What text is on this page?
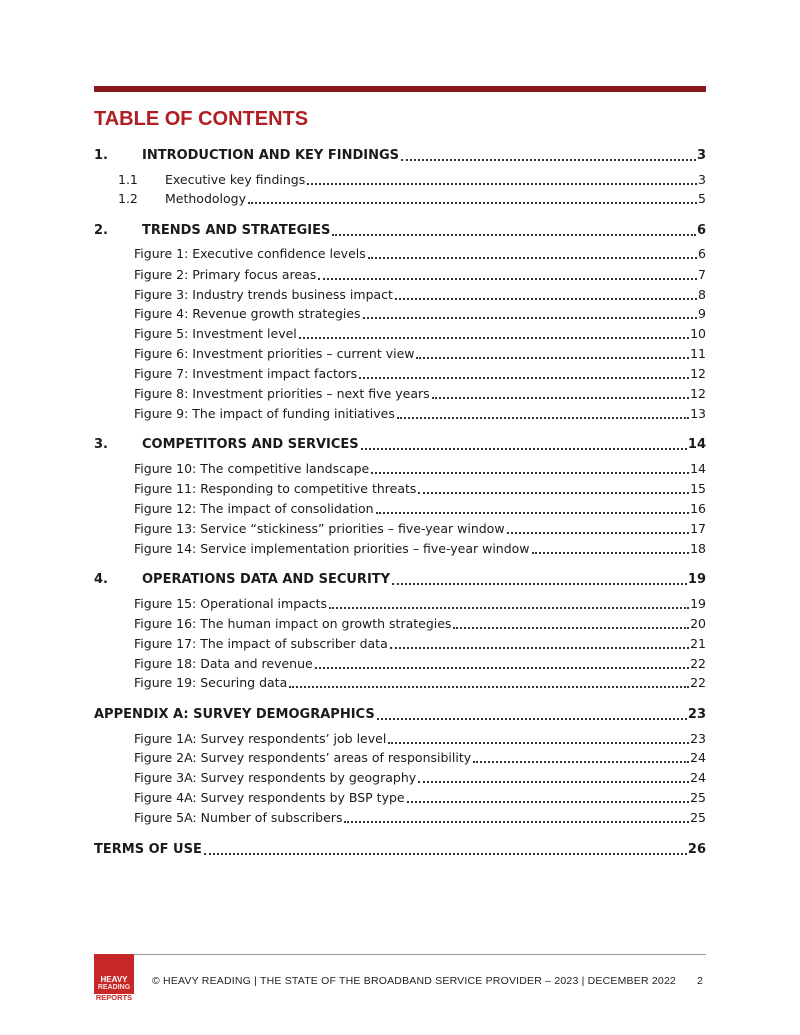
TABLE OF CONTENTS
1.	INTRODUCTION AND KEY FINDINGS	3
1.1	Executive key findings	3
1.2	Methodology	5
2.	TRENDS AND STRATEGIES	6
Figure 1: Executive confidence levels	6
Figure 2: Primary focus areas	7
Figure 3: Industry trends business impact	8
Figure 4: Revenue growth strategies	9
Figure 5: Investment level	10
Figure 6: Investment priorities – current view	11
Figure 7: Investment impact factors	12
Figure 8: Investment priorities – next five years	12
Figure 9: The impact of funding initiatives	13
3.	COMPETITORS AND SERVICES	14
Figure 10: The competitive landscape	14
Figure 11: Responding to competitive threats	15
Figure 12: The impact of consolidation	16
Figure 13: Service “stickiness” priorities – five-year window	17
Figure 14: Service implementation priorities – five-year window	18
4.	OPERATIONS DATA AND SECURITY	19
Figure 15: Operational impacts	19
Figure 16: The human impact on growth strategies	20
Figure 17: The impact of subscriber data	21
Figure 18: Data and revenue	22
Figure 19: Securing data	22
APPENDIX A: SURVEY DEMOGRAPHICS	23
Figure 1A: Survey respondents’ job level	23
Figure 2A: Survey respondents’ areas of responsibility	24
Figure 3A: Survey respondents by geography	24
Figure 4A: Survey respondents by BSP type	25
Figure 5A: Number of subscribers	25
TERMS OF USE	26
HEAVY
READING
REPORTS
© HEAVY READING | THE STATE OF THE BROADBAND SERVICE PROVIDER – 2023 | DECEMBER 2022 2
